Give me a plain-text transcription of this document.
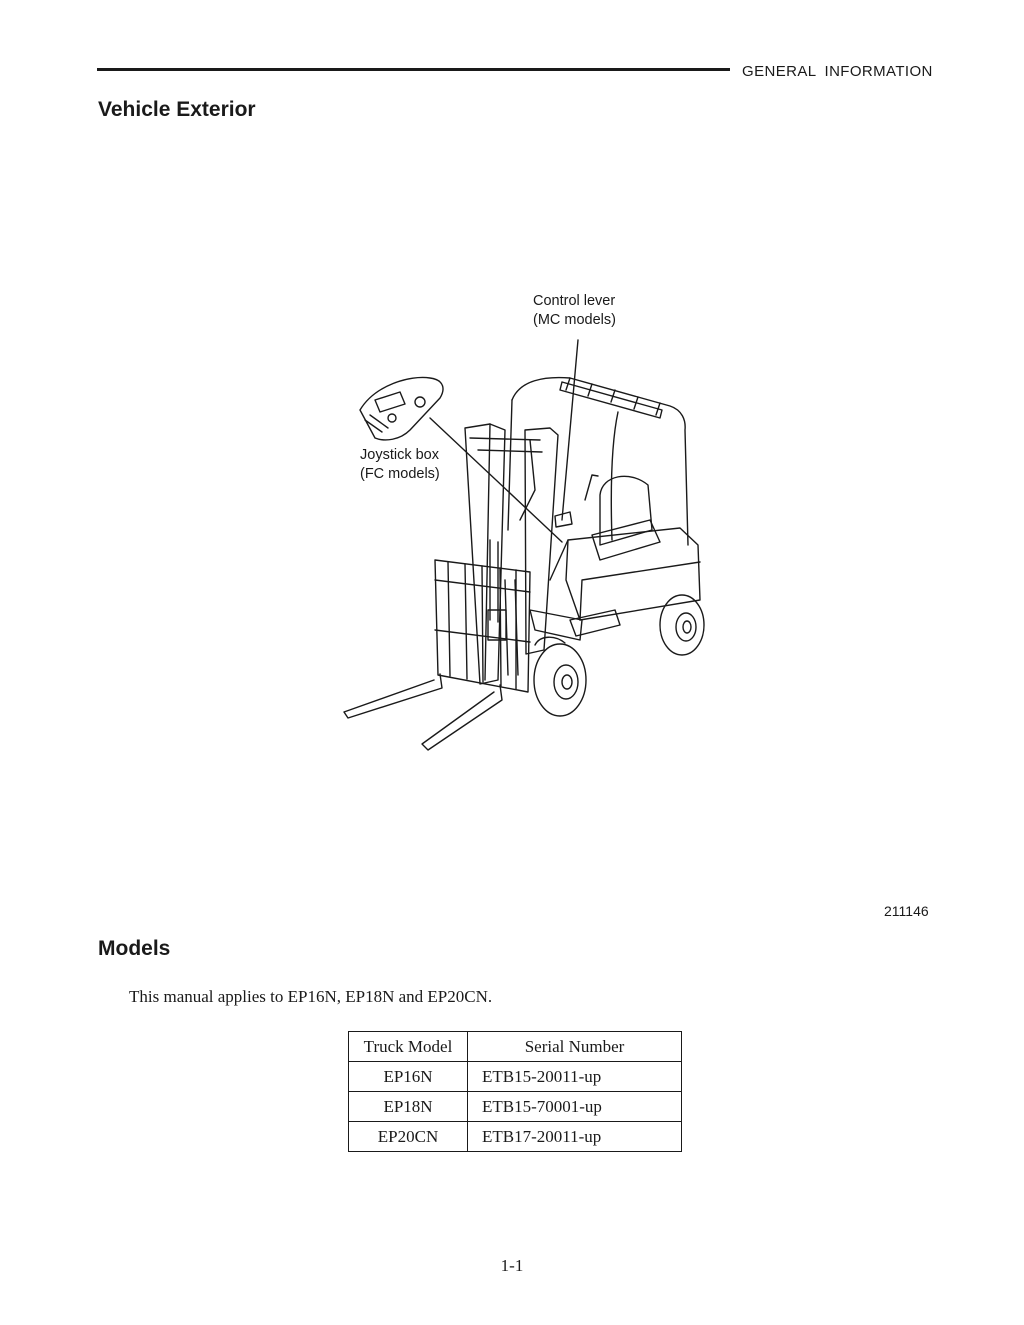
GENERAL INFORMATION
Vehicle Exterior
Control lever
(MC models)
Joystick box
(FC models)
211146
Models
This manual applies to EP16N, EP18N and EP20CN.
Truck Model	Serial Number
EP16N	ETB15-20011-up
EP18N	ETB15-70001-up
EP20CN	ETB17-20011-up
1-1
